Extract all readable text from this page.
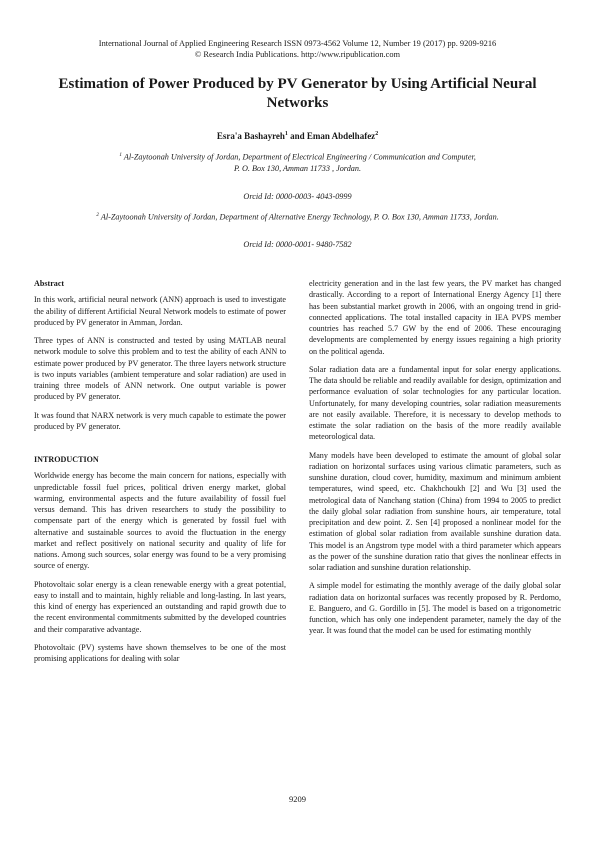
International Journal of Applied Engineering Research ISSN 0973-4562 Volume 12, Number 19 (2017) pp. 9209-9216
© Research India Publications. http://www.ripublication.com
Estimation of Power Produced by PV Generator by Using Artificial Neural Networks
Esra'a Bashayreh$^1$ and Eman Abdelhafez$^2$
$^1$ Al-Zaytoonah University of Jordan, Department of Electrical Engineering / Communication and Computer,
P. O. Box 130, Amman 11733 , Jordan.
Orcid Id: 0000-0003- 4043-0999
$^2$ Al-Zaytoonah University of Jordan, Department of Alternative Energy Technology, P. O. Box 130, Amman 11733, Jordan.
Orcid Id: 0000-0001- 9480-7582
Abstract

In this work, artificial neural network (ANN) approach is used to investigate the ability of different Artificial Neural Network models to estimate of power produced by PV generator in Amman, Jordan.

Three types of ANN is constructed and tested by using MATLAB neural network module to solve this problem and to test the ability of each ANN to estimate power produced by PV generator. The three layers network structure is two inputs variables (ambient temperature and solar radiation) are used in training three models of ANN network. One output variable is power produced by PV generator.

It was found that NARX network is very much capable to estimate the power produced by PV generator.

INTRODUCTION

Worldwide energy has become the main concern for nations, especially with unpredictable fossil fuel prices, political driven energy market, global warming, environmental aspects and the future availability of fossil fuel versus demand. This has driven researchers to study the possibility to compensate part of the energy which is generated by fossil fuel with alternative and sustainable sources to avoid the fluctuation in the energy market and reflect positively on national security and quality of life for nations. Among such sources, solar energy was found to be a very promising source of energy.

Photovoltaic solar energy is a clean renewable energy with a great potential, easy to install and to maintain, highly reliable and long-lasting. In last years, this kind of energy has experienced an outstanding and rapid growth due to the recent environmental commitments submitted by the developed countries and their comparative advantage.

Photovoltaic (PV) systems have shown themselves to be one of the most promising applications for dealing with solar

electricity generation and in the last few years, the PV market has changed drastically. According to a report of International Energy Agency [1] there has been substantial market growth in 2006, with an ongoing trend in grid-connected applications. The total installed capacity in IEA PVPS member countries has reached 5.7 GW by the end of 2006. These encouraging developments are complemented by energy issues regaining a high priority on the political agenda.

Solar radiation data are a fundamental input for solar energy applications. The data should be reliable and readily available for design, optimization and performance evaluation of solar technologies for any particular location. Unfortunately, for many developing countries, solar radiation measurements are not easily available. Therefore, it is necessary to develop methods to estimate the solar radiation on the basis of the more readily available meteorological data.

Many models have been developed to estimate the amount of global solar radiation on horizontal surfaces using various climatic parameters, such as sunshine duration, cloud cover, humidity, maximum and minimum ambient temperatures, wind speed, etc. Chakhchoukh [2] and Wu [3] used the metrological data of Nanchang station (China) from 1994 to 2005 to predict the daily global solar radiation from sunshine hours, air temperature, total precipitation and dew point. Z. Sen [4] proposed a nonlinear model for the estimation of global solar radiation from available sunshine duration data. This model is an Angstrom type model with a third parameter which appears as the power of the sunshine duration ratio that gives the nonlinear effects in solar radiation and sunshine duration relationship.

A simple model for estimating the monthly average of the daily global solar radiation data on horizontal surfaces was recently proposed by R. Perdomo, E. Banguero, and G. Gordillo in [5]. The model is based on a trigonometric function, which has only one independent parameter, namely the day of the year. It was found that the model can be used for estimating monthly

9209
